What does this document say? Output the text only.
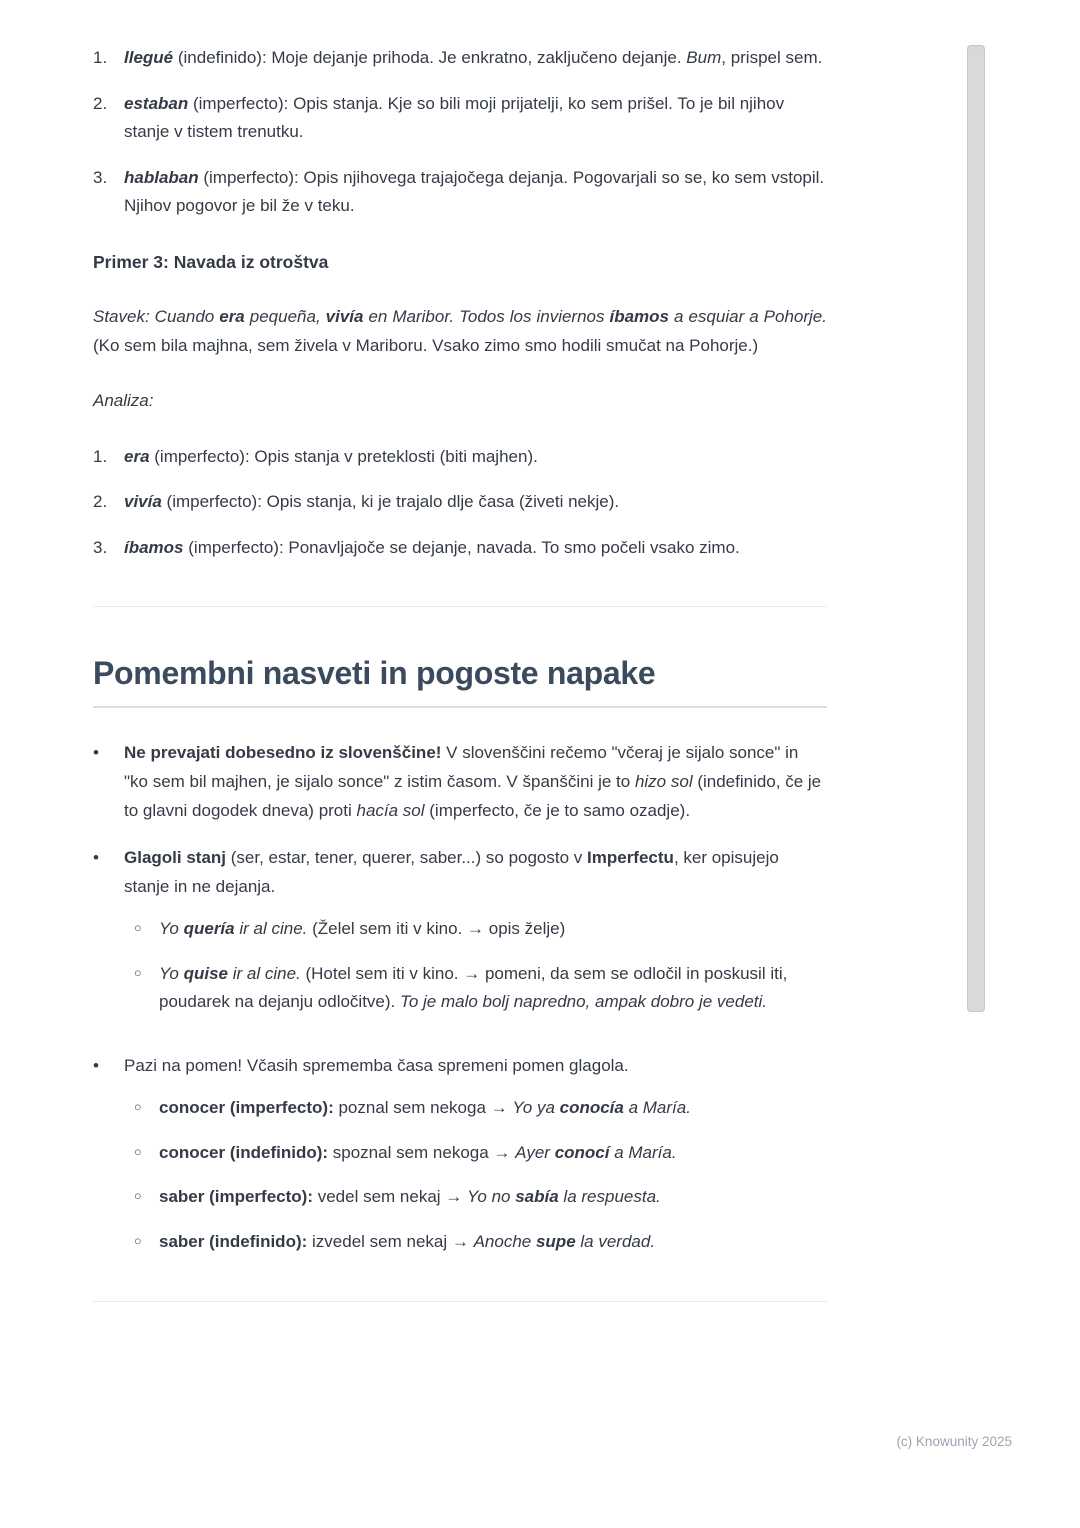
1. llegué (indefinido): Moje dejanje prihoda. Je enkratno, zaključeno dejanje. Bum, prispel sem.
2. estaban (imperfecto): Opis stanja. Kje so bili moji prijatelji, ko sem prišel. To je bil njihov stanje v tistem trenutku.
3. hablaban (imperfecto): Opis njihovega trajajočega dejanja. Pogovarjali so se, ko sem vstopil. Njihov pogovor je bil že v teku.
Primer 3: Navada iz otroštva

Stavek: Cuando era pequeña, vivía en Maribor. Todos los inviernos íbamos a esquiar a Pohorje. (Ko sem bila majhna, sem živela v Mariboru. Vsako zimo smo hodili smučat na Pohorje.)

Analiza:

1. era (imperfecto): Opis stanja v preteklosti (biti majhen).
2. vivía (imperfecto): Opis stanja, ki je trajalo dlje časa (živeti nekje).
3. íbamos (imperfecto): Ponavljajoče se dejanje, navada. To smo počeli vsako zimo.
Pomembni nasveti in pogoste napake
•	Ne prevajati dobesedno iz slovenščine! V slovenščini rečemo "včeraj je sijalo sonce" in "ko sem bil majhen, je sijalo sonce" z istim časom. V španščini je to hizo sol (indefinido, če je to glavni dogodek dneva) proti hacía sol (imperfecto, če je to samo ozadje).
•	Glagoli stanj (ser, estar, tener, querer, saber...) so pogosto v Imperfectu, ker opisujejo stanje in ne dejanja.
○	Yo quería ir al cine. (Želel sem iti v kino. → opis želje)
○	Yo quise ir al cine. (Hotel sem iti v kino. → pomeni, da sem se odločil in poskusil iti, poudarek na dejanju odločitve). To je malo bolj napredno, ampak dobro je vedeti.
•	Pazi na pomen! Včasih sprememba časa spremeni pomen glagola.
○	conocer (imperfecto): poznal sem nekoga → Yo ya conocía a María.
○	conocer (indefinido): spoznal sem nekoga → Ayer conocí a María.
○	saber (imperfecto): vedel sem nekaj → Yo no sabía la respuesta.
○	saber (indefinido): izvedel sem nekaj → Anoche supe la verdad.
(c) Knowunity 2025
